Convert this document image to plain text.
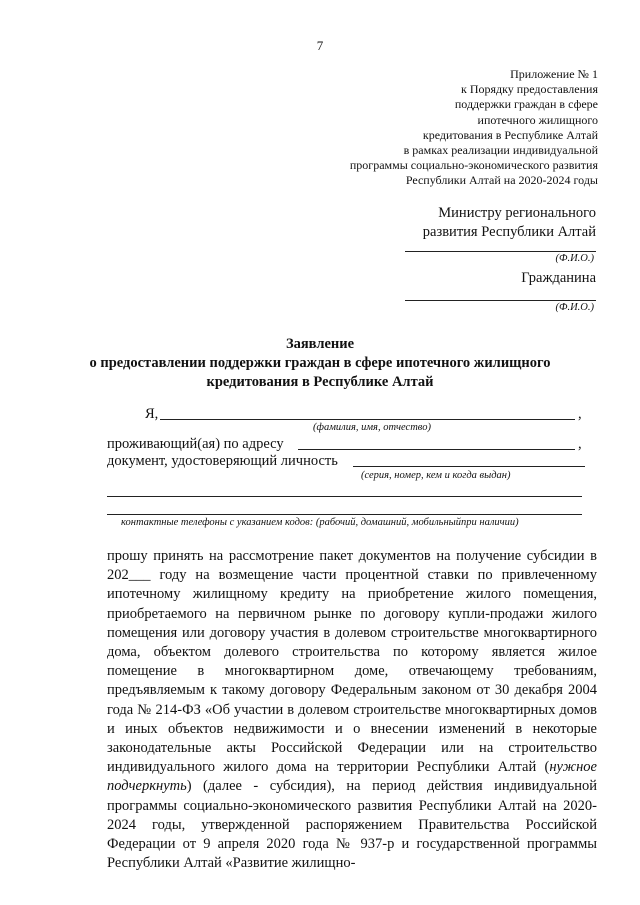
7
Приложение № 1
к Порядку предоставления
поддержки граждан в сфере
ипотечного жилищного
кредитования в Республике Алтай
в рамках реализации индивидуальной
программы социально-экономического развития
Республики Алтай на 2020-2024 годы
Министру регионального
развития Республики Алтай
(Ф.И.О.)
Гражданина
(Ф.И.О.)
Заявление
о предоставлении поддержки граждан в сфере ипотечного жилищного
кредитования в Республике Алтай
Я,	,
(фамилия, имя, отчество)
проживающий(ая) по адресу	,
документ, удостоверяющий личность
(серия, номер, кем и когда выдан)
контактные телефоны с указанием кодов: (рабочий, домашний, мобильныйпри наличии)

прошу принять на рассмотрение пакет документов на получение субсидии в 202___ году на возмещение части процентной ставки по привлеченному ипотечному жилищному кредиту на приобретение жилого помещения, приобретаемого на первичном рынке по договору купли-продажи жилого помещения или договору участия в долевом строительстве многоквартирного дома, объектом долевого строительства по которому является жилое помещение в многоквартирном доме, отвечающему требованиям, предъявляемым к такому договору Федеральным законом от 30 декабря 2004 года № 214-ФЗ «Об участии в долевом строительстве многоквартирных домов и иных объектов недвижимости и о внесении изменений в некоторые законодательные акты Российской Федерации или на строительство индивидуального жилого дома на территории Республики Алтай (нужное подчеркнуть) (далее - субсидия), на период действия индивидуальной программы социально-экономического развития Республики Алтай на 2020-2024 годы, утвержденной распоряжением Правительства Российской Федерации от 9 апреля 2020 года № 937-р и государственной программы Республики Алтай «Развитие жилищно-
